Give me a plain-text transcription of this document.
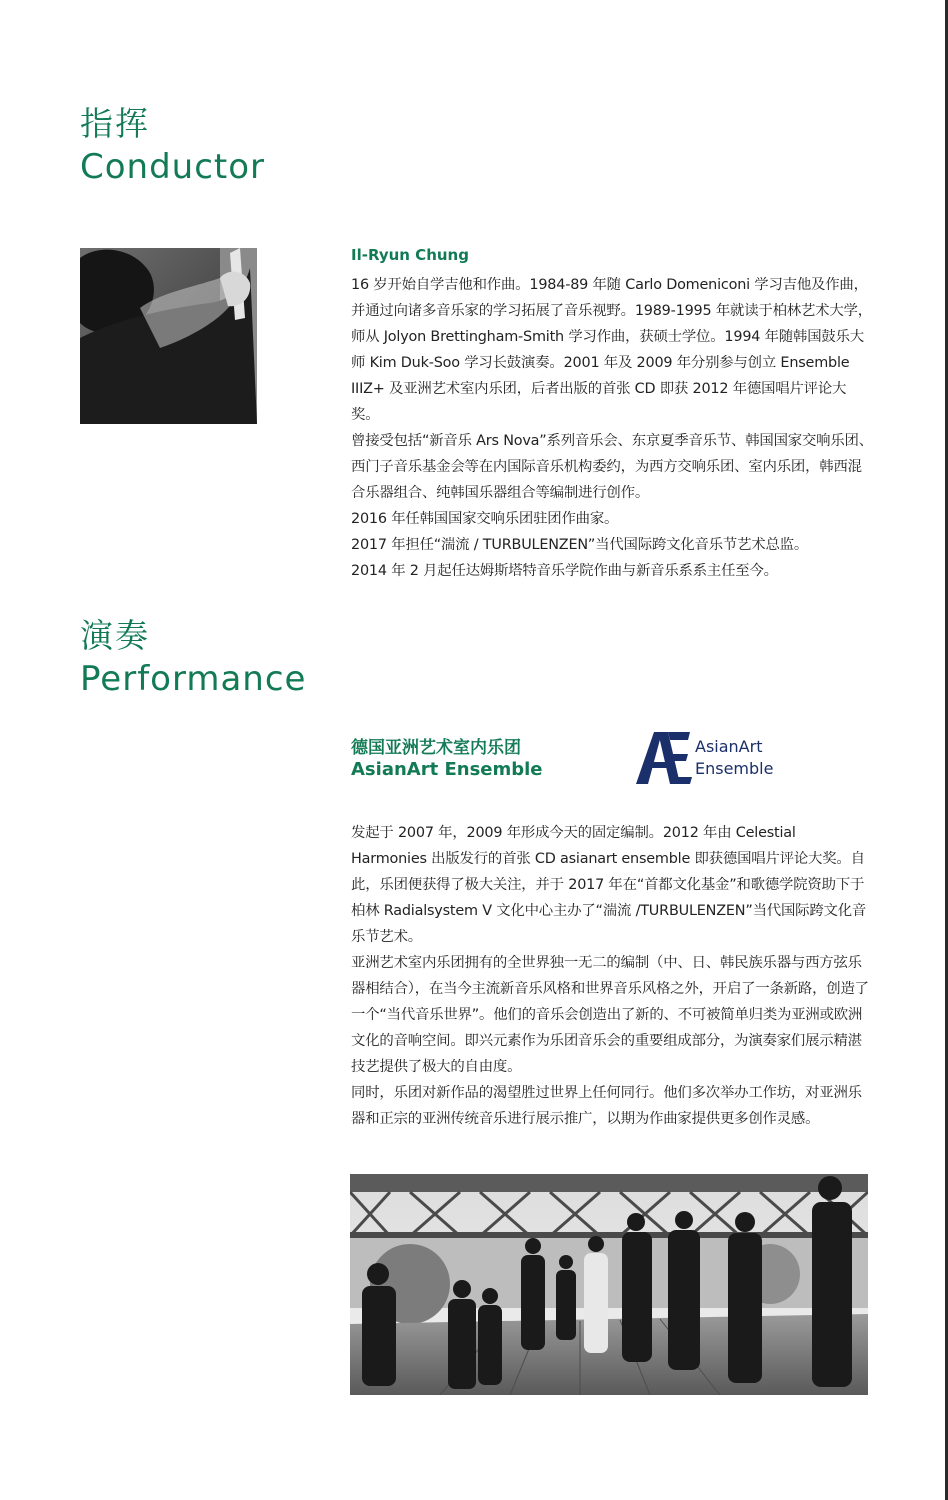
指挥
Conductor
Il-Ryun Chung

16 岁开始自学吉他和作曲。1984-89 年随 Carlo Domeniconi 学习吉他及作曲，并通过向诸多音乐家的学习拓展了音乐视野。1989-1995 年就读于柏林艺术大学，师从 Jolyon Brettingham-Smith 学习作曲，获硕士学位。1994 年随韩国鼓乐大师 Kim Duk-Soo 学习长鼓演奏。2001 年及 2009 年分别参与创立 Ensemble IIIZ+ 及亚洲艺术室内乐团，后者出版的首张 CD 即获 2012 年德国唱片评论大奖。

曾接受包括“新音乐 Ars Nova”系列音乐会、东京夏季音乐节、韩国国家交响乐团、西门子音乐基金会等在内国际音乐机构委约，为西方交响乐团、室内乐团，韩西混合乐器组合、纯韩国乐器组合等编制进行创作。

2016 年任韩国国家交响乐团驻团作曲家。

2017 年担任“湍流 / TURBULENZEN”当代国际跨文化音乐节艺术总监。

2014 年 2 月起任达姆斯塔特音乐学院作曲与新音乐系系主任至今。

演奏
Performance
德国亚洲艺术室内乐团
AsianArt Ensemble
AsianArt
Ensemble

发起于 2007 年，2009 年形成今天的固定编制。2012 年由 Celestial Harmonies 出版发行的首张 CD asianart ensemble 即获德国唱片评论大奖。自此，乐团便获得了极大关注，并于 2017 年在“首都文化基金”和歌德学院资助下于柏林 Radialsystem V 文化中心主办了“湍流 /TURBULENZEN”当代国际跨文化音乐节艺术。

亚洲艺术室内乐团拥有的全世界独一无二的编制（中、日、韩民族乐器与西方弦乐器相结合），在当今主流新音乐风格和世界音乐风格之外，开启了一条新路，创造了一个“当代音乐世界”。他们的音乐会创造出了新的、不可被简单归类为亚洲或欧洲文化的音响空间。即兴元素作为乐团音乐会的重要组成部分，为演奏家们展示精湛技艺提供了极大的自由度。

同时，乐团对新作品的渴望胜过世界上任何同行。他们多次举办工作坊，对亚洲乐器和正宗的亚洲传统音乐进行展示推广，以期为作曲家提供更多创作灵感。
